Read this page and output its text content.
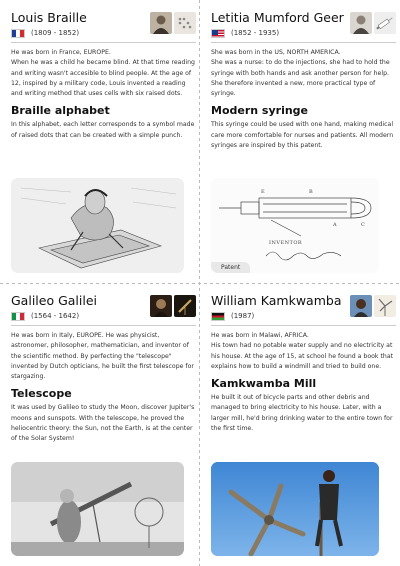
Louis Braille
(1809 - 1852)
He was born in France, EUROPE.
When he was a child he became blind. At that time reading and writing wasn't accesible to blind people. At the age of 12, inspired by a military code, Louis invented a reading and writing method that uses cells with six raised dots.
Braille alphabet
In this alphabet, each letter corresponds to a symbol made of raised dots that can be created with a simple punch.
Letitia Mumford Geer
(1852 - 1935)
She was born in the US, NORTH AMERICA.
She was a nurse: to do the injections, she had to hold the syringe with both hands and ask another person for help. She therefore invented a new, more practical type of syringe.
Modern syringe
This syringe could be used with one hand, making medical care more comfortable for nurses and patients. All modern syringes are inspired by this patent.
E	B
A	C
INVENTOR
Patent
Galileo Galilei
(1564 - 1642)
He was born in Italy, EUROPE. He was physicist, astronomer, philosopher, mathematician, and inventor of the scientific method. By perfecting the "telescope" invented by Dutch opticians, he built the first telescope for stargazing.
Telescope
It was used by Galileo to study the Moon, discover Jupiter's moons and sunspots. With the telescope, he proved the heliocentric theory: the Sun, not the Earth, is at the center of the Solar System!
William Kamkwamba
(1987)
He was born in Malawi, AFRICA.
His town had no potable water supply and no electricity at his house. At the age of 15, at school he found a book that explains how to build a windmill and tried to build one.
Kamkwamba Mill
He built it out of bicycle parts and other debris and managed to bring electricity to his house. Later, with a larger mill, he'd bring drinking water to the entire town for the first time.
